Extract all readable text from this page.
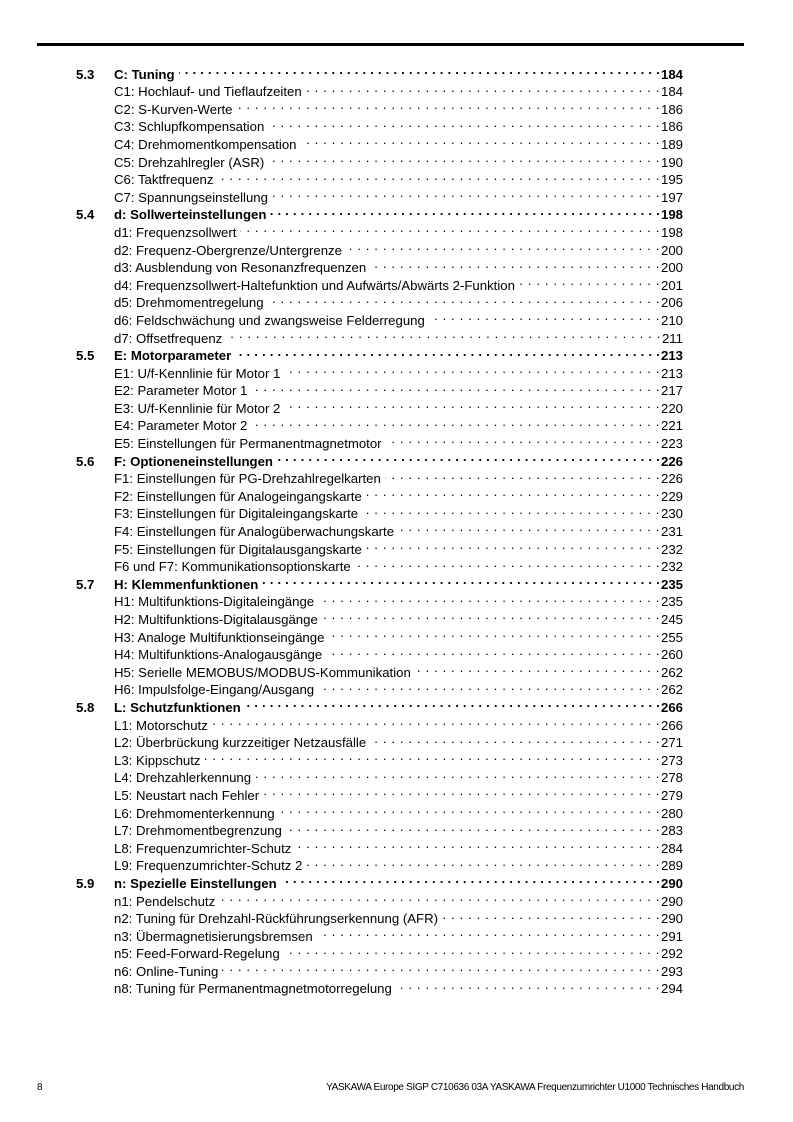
5.3	C: Tuning . . .	184
C1: Hochlauf- und Tieflaufzeiten . . .	184
C2: S-Kurven-Werte . . .	186
C3: Schlupfkompensation . . .	186
C4: Drehmomentkompensation . . .	189
C5: Drehzahlregler (ASR) . . .	190
C6: Taktfrequenz . . .	195
C7: Spannungseinstellung . . .	197
5.4	d: Sollwerteinstellungen . . .	198
d1: Frequenzsollwert . . .	198
d2: Frequenz-Obergrenze/Untergrenze . . .	200
d3: Ausblendung von Resonanzfrequenzen . . .	200
d4: Frequenzsollwert-Haltefunktion und Aufwärts/Abwärts 2-Funktion . . .	201
d5: Drehmomentregelung . . .	206
d6: Feldschwächung und zwangsweise Felderregung . . .	210
d7: Offsetfrequenz . . .	211
5.5	E: Motorparameter . . .	213
E1: U/f-Kennlinie für Motor 1 . . .	213
E2: Parameter Motor 1 . . .	217
E3: U/f-Kennlinie für Motor 2 . . .	220
E4: Parameter Motor 2 . . .	221
E5: Einstellungen für Permanentmagnetmotor . . .	223
5.6	F: Optioneneinstellungen . . .	226
F1: Einstellungen für PG-Drehzahlregelkarten . . .	226
F2: Einstellungen für Analogeingangskarte . . .	229
F3: Einstellungen für Digitaleingangskarte . . .	230
F4: Einstellungen für Analogüberwachungskarte . . .	231
F5: Einstellungen für Digitalausgangskarte . . .	232
F6 und F7: Kommunikationsoptionskarte . . .	232
5.7	H: Klemmenfunktionen . . .	235
H1: Multifunktions-Digitaleingänge . . .	235
H2: Multifunktions-Digitalausgänge . . .	245
H3: Analoge Multifunktionseingänge . . .	255
H4: Multifunktions-Analogausgänge . . .	260
H5: Serielle MEMOBUS/MODBUS-Kommunikation . . .	262
H6: Impulsfolge-Eingang/Ausgang . . .	262
5.8	L: Schutzfunktionen . . .	266
L1: Motorschutz . . .	266
L2: Überbrückung kurzzeitiger Netzausfälle . . .	271
L3: Kippschutz . . .	273
L4: Drehzahlerkennung . . .	278
L5: Neustart nach Fehler . . .	279
L6: Drehmomenterkennung . . .	280
L7: Drehmomentbegrenzung . . .	283
L8: Frequenzumrichter-Schutz . . .	284
L9: Frequenzumrichter-Schutz 2 . . .	289
5.9	n: Spezielle Einstellungen . . .	290
n1: Pendelschutz . . .	290
n2: Tuning für Drehzahl-Rückführungserkennung (AFR) . . .	290
n3: Übermagnetisierungsbremsen . . .	291
n5: Feed-Forward-Regelung . . .	292
n6: Online-Tuning . . .	293
n8: Tuning für Permanentmagnetmotorregelung . . .	294
8	YASKAWA Europe SIGP C710636 03A YASKAWA Frequenzumrichter U1000 Technisches Handbuch
